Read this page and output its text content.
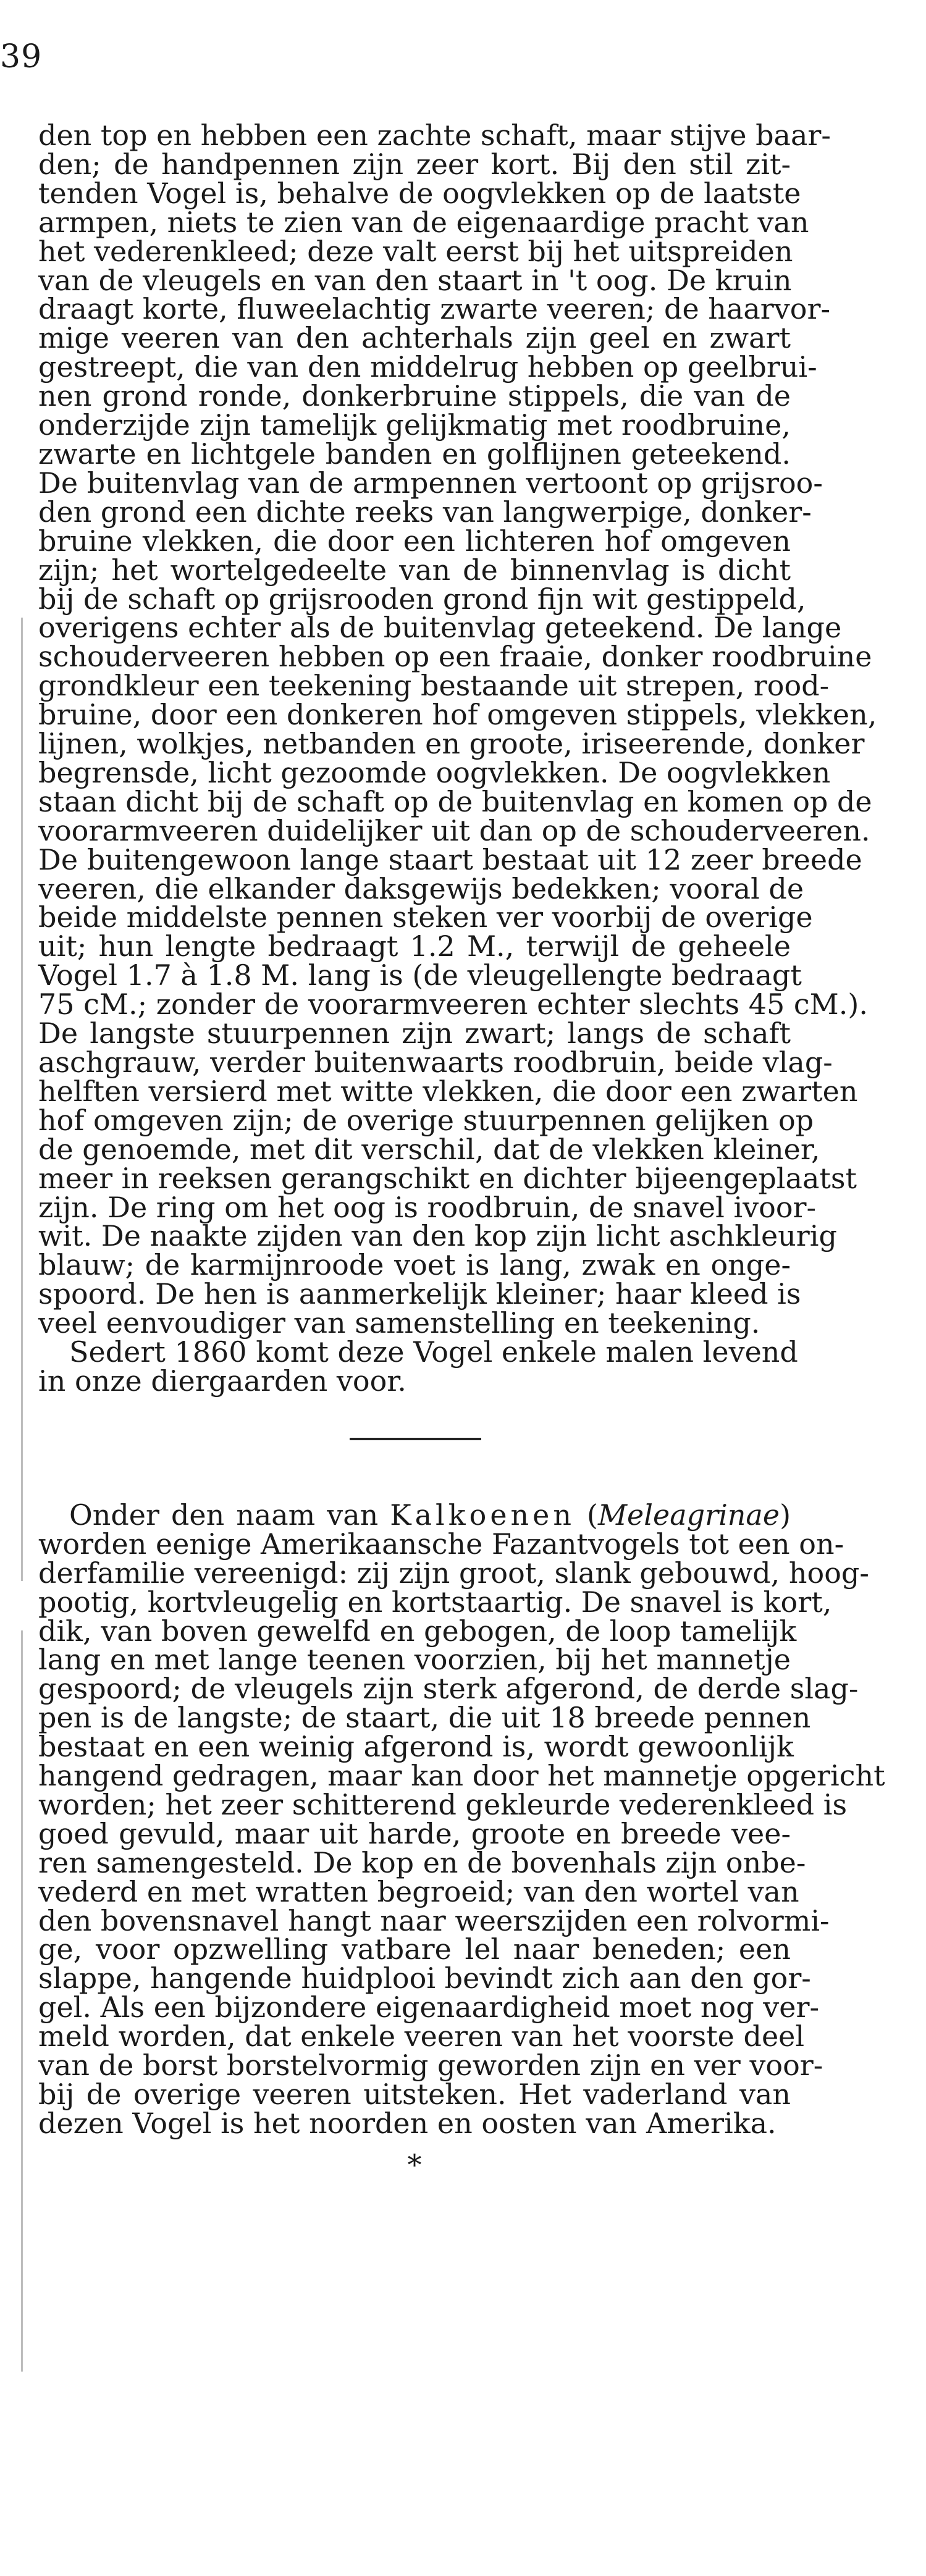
39
den top en hebben een zachte schaft, maar stijve baar-
den; de handpennen zijn zeer kort. Bij den stil zit-
tenden Vogel is, behalve de oogvlekken op de laatste
armpen, niets te zien van de eigenaardige pracht van
het vederenkleed; deze valt eerst bij het uitspreiden
van de vleugels en van den staart in 't oog. De kruin
draagt korte, fluweelachtig zwarte veeren; de haarvor-
mige veeren van den achterhals zijn geel en zwart
gestreept, die van den middelrug hebben op geelbrui-
nen grond ronde, donkerbruine stippels, die van de
onderzijde zijn tamelijk gelijkmatig met roodbruine,
zwarte en lichtgele banden en golflijnen geteekend.
De buitenvlag van de armpennen vertoont op grijsroo-
den grond een dichte reeks van langwerpige, donker-
bruine vlekken, die door een lichteren hof omgeven
zijn; het wortelgedeelte van de binnenvlag is dicht
bij de schaft op grijsrooden grond fijn wit gestippeld,
overigens echter als de buitenvlag geteekend. De lange
schouderveeren hebben op een fraaie, donker roodbruine
grondkleur een teekening bestaande uit strepen, rood-
bruine, door een donkeren hof omgeven stippels, vlekken,
lijnen, wolkjes, netbanden en groote, iriseerende, donker
begrensde, licht gezoomde oogvlekken. De oogvlekken
staan dicht bij de schaft op de buitenvlag en komen op de
voorarmveeren duidelijker uit dan op de schouderveeren.
De buitengewoon lange staart bestaat uit 12 zeer breede
veeren, die elkander daksgewijs bedekken; vooral de
beide middelste pennen steken ver voorbij de overige
uit; hun lengte bedraagt 1.2 M., terwijl de geheele
Vogel 1.7 à 1.8 M. lang is (de vleugellengte bedraagt
75 cM.; zonder de voorarmveeren echter slechts 45 cM.).
De langste stuurpennen zijn zwart; langs de schaft
aschgrauw, verder buitenwaarts roodbruin, beide vlag-
helften versierd met witte vlekken, die door een zwarten
hof omgeven zijn; de overige stuurpennen gelijken op
de genoemde, met dit verschil, dat de vlekken kleiner,
meer in reeksen gerangschikt en dichter bijeengeplaatst
zijn. De ring om het oog is roodbruin, de snavel ivoor-
wit. De naakte zijden van den kop zijn licht aschkleurig
blauw; de karmijnroode voet is lang, zwak en onge-
spoord. De hen is aanmerkelijk kleiner; haar kleed is
veel eenvoudiger van samenstelling en teekening.
Sedert 1860 komt deze Vogel enkele malen levend
in onze diergaarden voor.
Onder den naam van Kalkoenen (Meleagrinae)
worden eenige Amerikaansche Fazantvogels tot een on-
derfamilie vereenigd: zij zijn groot, slank gebouwd, hoog-
pootig, kortvleugelig en kortstaartig. De snavel is kort,
dik, van boven gewelfd en gebogen, de loop tamelijk
lang en met lange teenen voorzien, bij het mannetje
gespoord; de vleugels zijn sterk afgerond, de derde slag-
pen is de langste; de staart, die uit 18 breede pennen
bestaat en een weinig afgerond is, wordt gewoonlijk
hangend gedragen, maar kan door het mannetje opgericht
worden; het zeer schitterend gekleurde vederenkleed is
goed gevuld, maar uit harde, groote en breede vee-
ren samengesteld. De kop en de bovenhals zijn onbe-
vederd en met wratten begroeid; van den wortel van
den bovensnavel hangt naar weerszijden een rolvormi-
ge, voor opzwelling vatbare lel naar beneden; een
slappe, hangende huidplooi bevindt zich aan den gor-
gel. Als een bijzondere eigenaardigheid moet nog ver-
meld worden, dat enkele veeren van het voorste deel
van de borst borstelvormig geworden zijn en ver voor-
bij de overige veeren uitsteken. Het vaderland van
dezen Vogel is het noorden en oosten van Amerika.
*
